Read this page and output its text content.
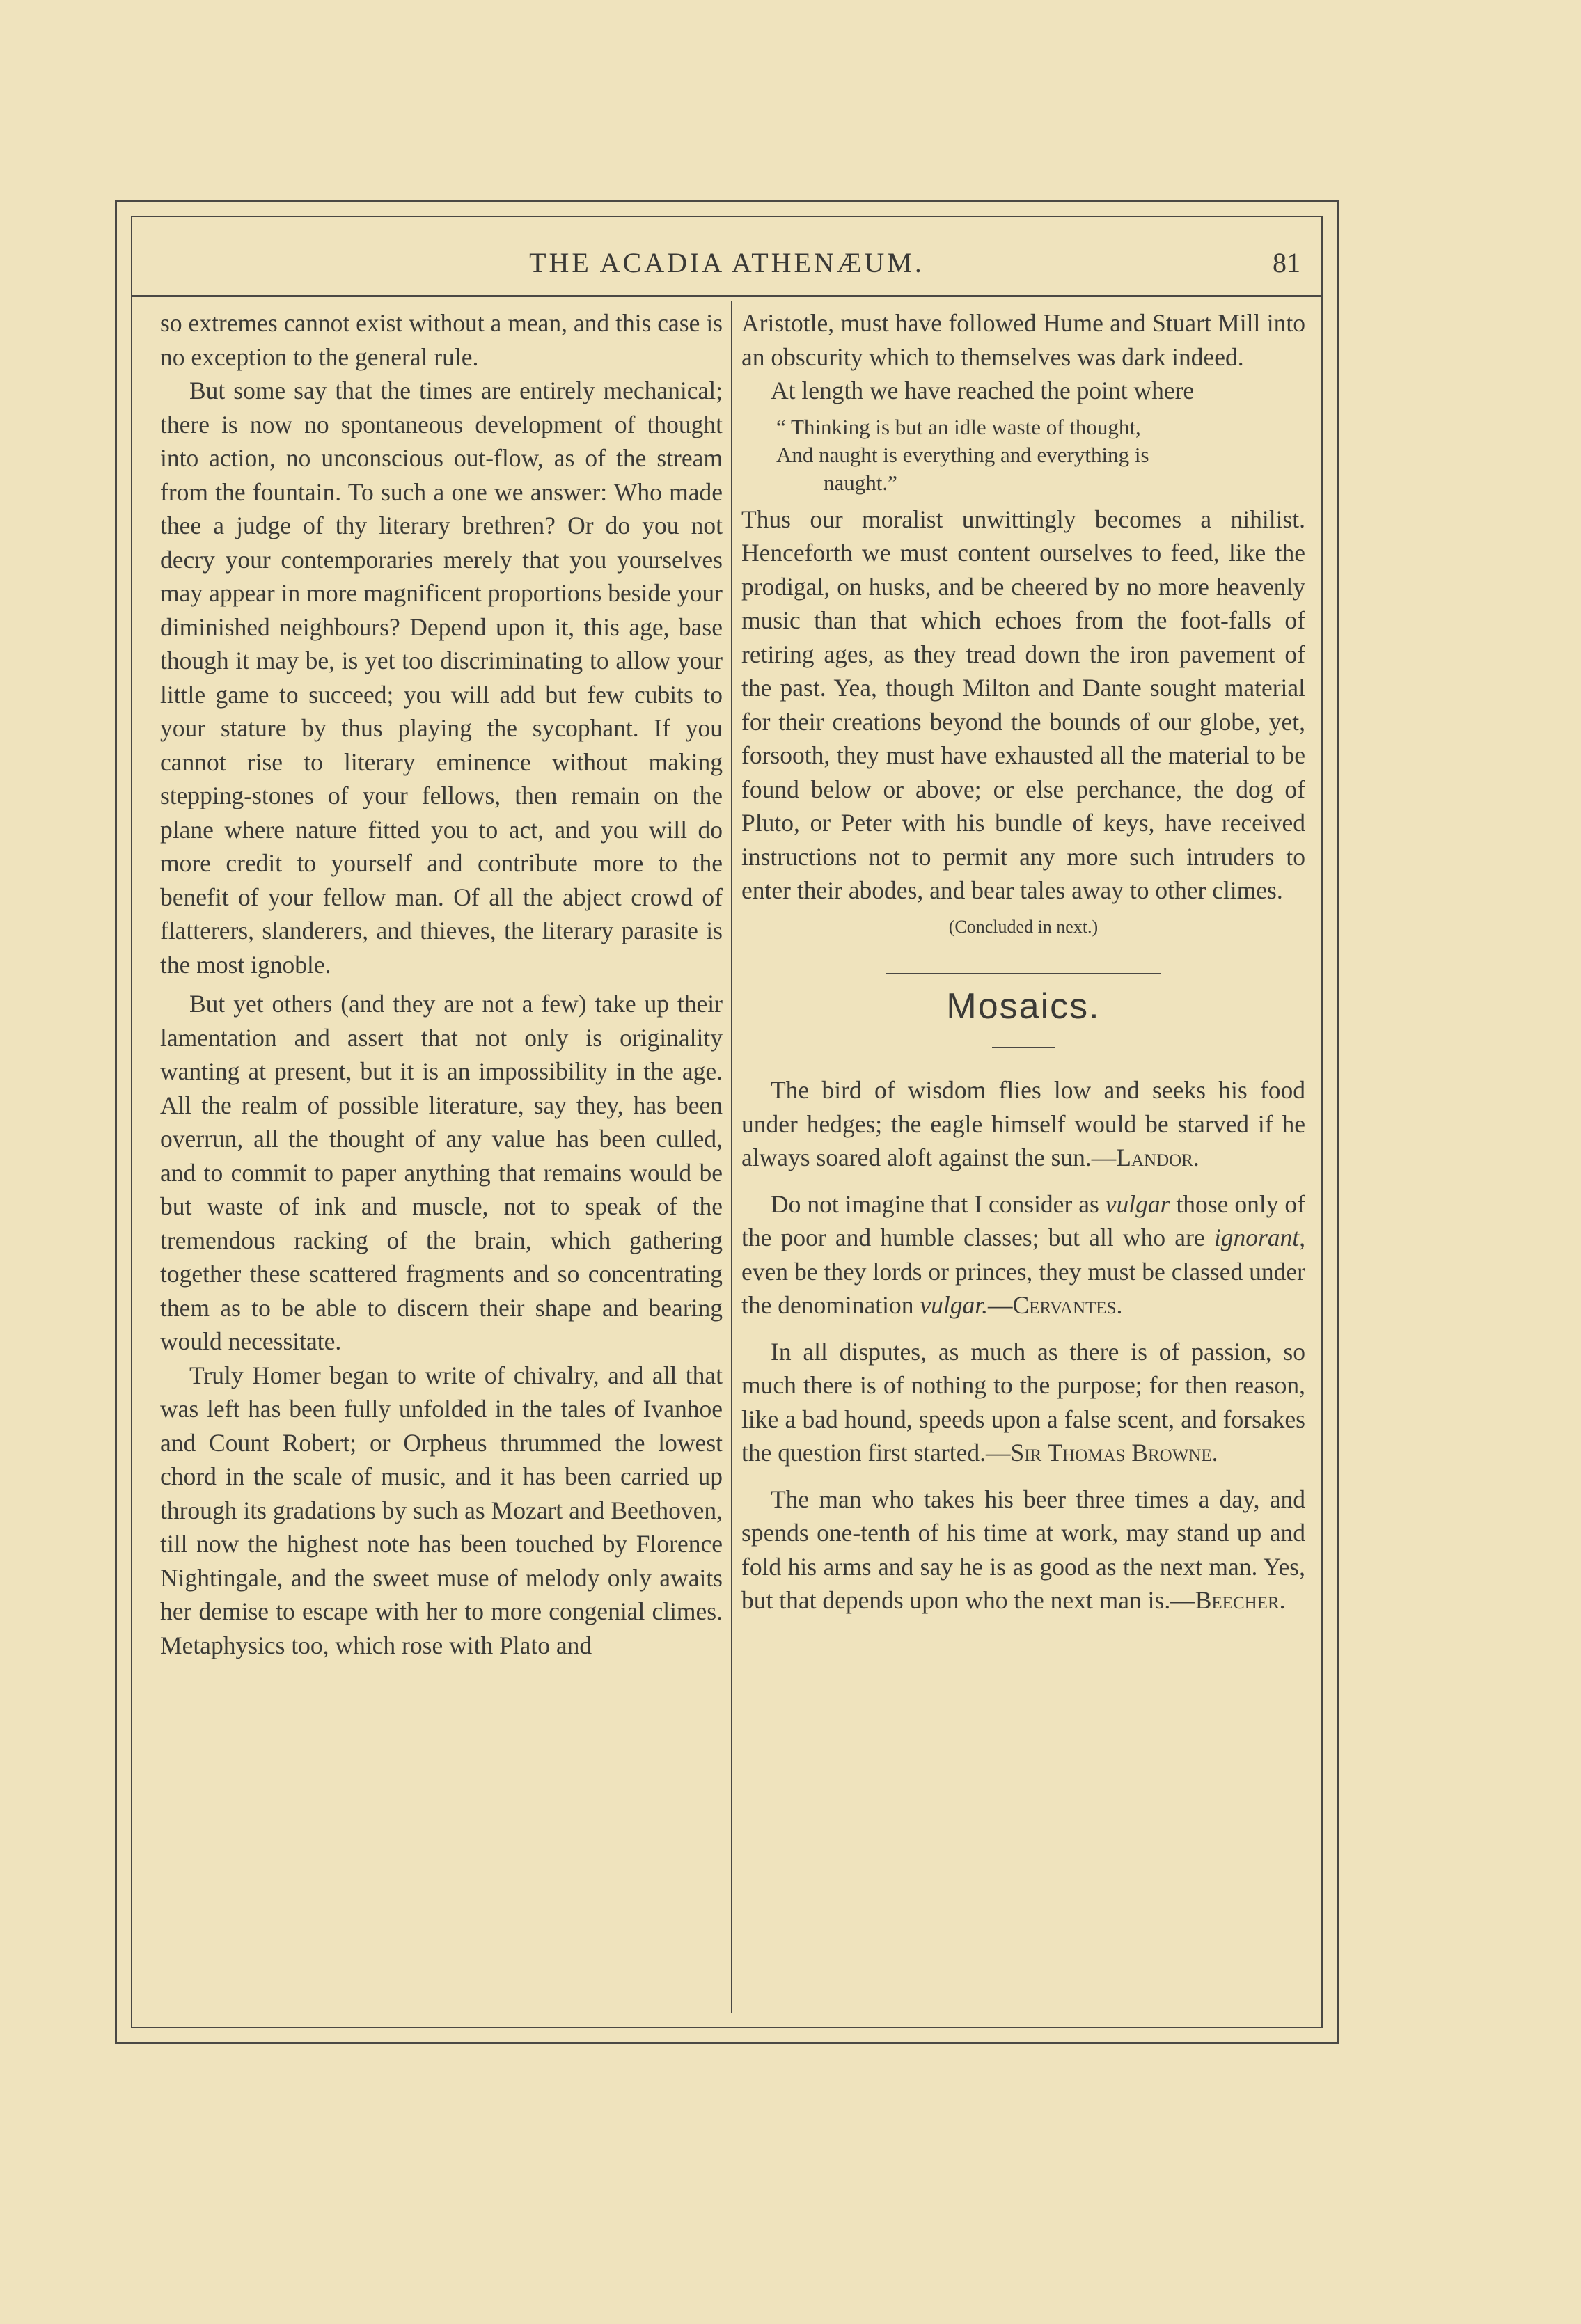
THE ACADIA ATHENÆUM.	81

so extremes cannot exist without a mean, and this case is no exception to the general rule.

But some say that the times are entirely mechanical; there is now no spontaneous development of thought into action, no unconscious out-flow, as of the stream from the fountain. To such a one we answer: Who made thee a judge of thy literary brethren? Or do you not decry your contemporaries merely that you yourselves may appear in more magnificent proportions beside your diminished neighbours? Depend upon it, this age, base though it may be, is yet too discriminating to allow your little game to succeed; you will add but few cubits to your stature by thus playing the sycophant. If you cannot rise to literary eminence without making stepping-stones of your fellows, then remain on the plane where nature fitted you to act, and you will do more credit to yourself and contribute more to the benefit of your fellow man. Of all the abject crowd of flatterers, slanderers, and thieves, the literary parasite is the most ignoble.

But yet others (and they are not a few) take up their lamentation and assert that not only is originality wanting at present, but it is an impossibility in the age. All the realm of possible literature, say they, has been overrun, all the thought of any value has been culled, and to commit to paper anything that remains would be but waste of ink and muscle, not to speak of the tremendous racking of the brain, which gathering together these scattered fragments and so concentrating them as to be able to discern their shape and bearing would necessitate.

Truly Homer began to write of chivalry, and all that was left has been fully unfolded in the tales of Ivanhoe and Count Robert; or Orpheus thrummed the lowest chord in the scale of music, and it has been carried up through its gradations by such as Mozart and Beethoven, till now the highest note has been touched by Florence Nightingale, and the sweet muse of melody only awaits her demise to escape with her to more congenial climes. Metaphysics too, which rose with Plato and

Aristotle, must have followed Hume and Stuart Mill into an obscurity which to themselves was dark indeed.

At length we have reached the point where

“ Thinking is but an idle waste of thought,
And naught is everything and everything is
naught.”

Thus our moralist unwittingly becomes a nihilist. Henceforth we must content ourselves to feed, like the prodigal, on husks, and be cheered by no more heavenly music than that which echoes from the foot-falls of retiring ages, as they tread down the iron pavement of the past. Yea, though Milton and Dante sought material for their creations beyond the bounds of our globe, yet, forsooth, they must have exhausted all the material to be found below or above; or else perchance, the dog of Pluto, or Peter with his bundle of keys, have received instructions not to permit any more such intruders to enter their abodes, and bear tales away to other climes.

(Concluded in next.)

Mosaics.

The bird of wisdom flies low and seeks his food under hedges; the eagle himself would be starved if he always soared aloft against the sun.—Landor.

Do not imagine that I consider as vulgar those only of the poor and humble classes; but all who are ignorant, even be they lords or princes, they must be classed under the denomination vulgar.—Cervantes.

In all disputes, as much as there is of passion, so much there is of nothing to the purpose; for then reason, like a bad hound, speeds upon a false scent, and forsakes the question first started.—Sir Thomas Browne.

The man who takes his beer three times a day, and spends one-tenth of his time at work, may stand up and fold his arms and say he is as good as the next man. Yes, but that depends upon who the next man is.—Beecher.
